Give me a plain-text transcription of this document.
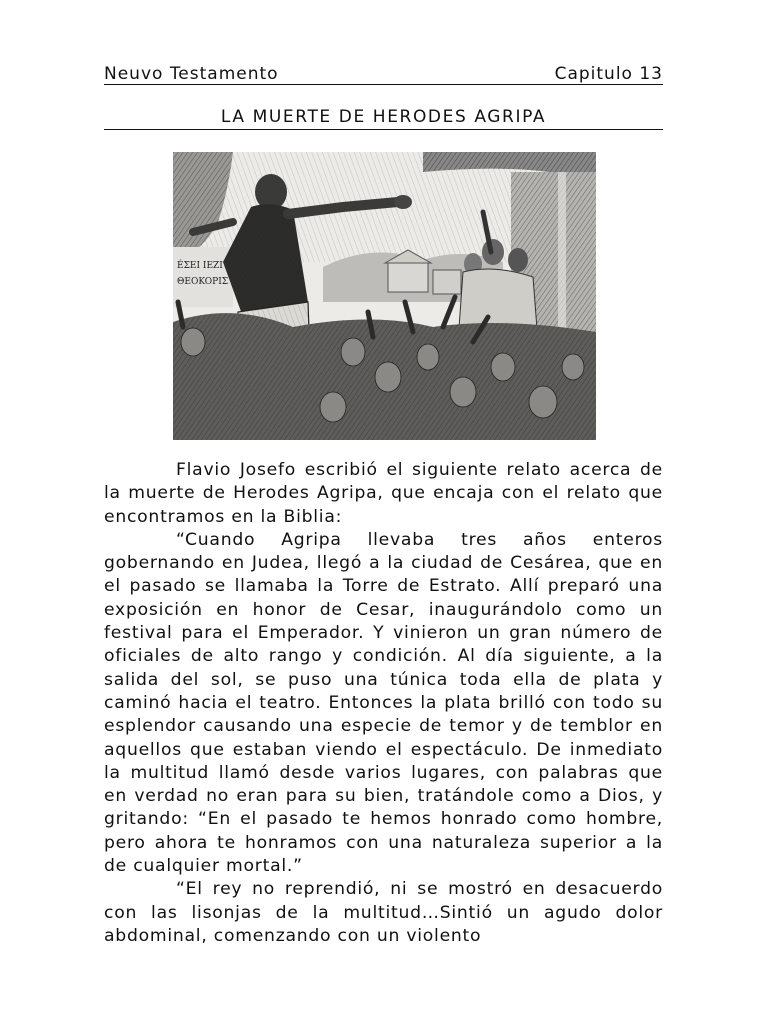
Neuvo Testamento	Capitulo 13
LA MUERTE DE HERODES AGRIPA
ÉΣEI ΙΕΖΙ
ΘEOKOPIΣ

Flavio Josefo escribió el siguiente relato acerca de la muerte de Herodes Agripa, que encaja con el relato que encontramos en la Biblia:

“Cuando Agripa llevaba tres años enteros gobernando en Judea, llegó a la ciudad de Cesárea, que en el pasado se llamaba la Torre de Estrato. Allí preparó una exposición en honor de Cesar, inaugurándolo como un festival para el Emperador. Y vinieron un gran número de oficiales de alto rango y condición. Al día siguiente, a la salida del sol, se puso una túnica toda ella de plata y caminó hacia el teatro. Entonces la plata brilló con todo su esplendor causando una especie de temor y de temblor en aquellos que estaban viendo el espectáculo. De inmediato la multitud llamó desde varios lugares, con palabras que en verdad no eran para su bien, tratándole como a Dios, y gritando: “En el pasado te hemos honrado como hombre, pero ahora te honramos con una naturaleza superior a la de cualquier mortal.”

“El rey no reprendió, ni se mostró en desacuerdo con las lisonjas de la multitud…Sintió un agudo dolor abdominal, comenzando con un violento
